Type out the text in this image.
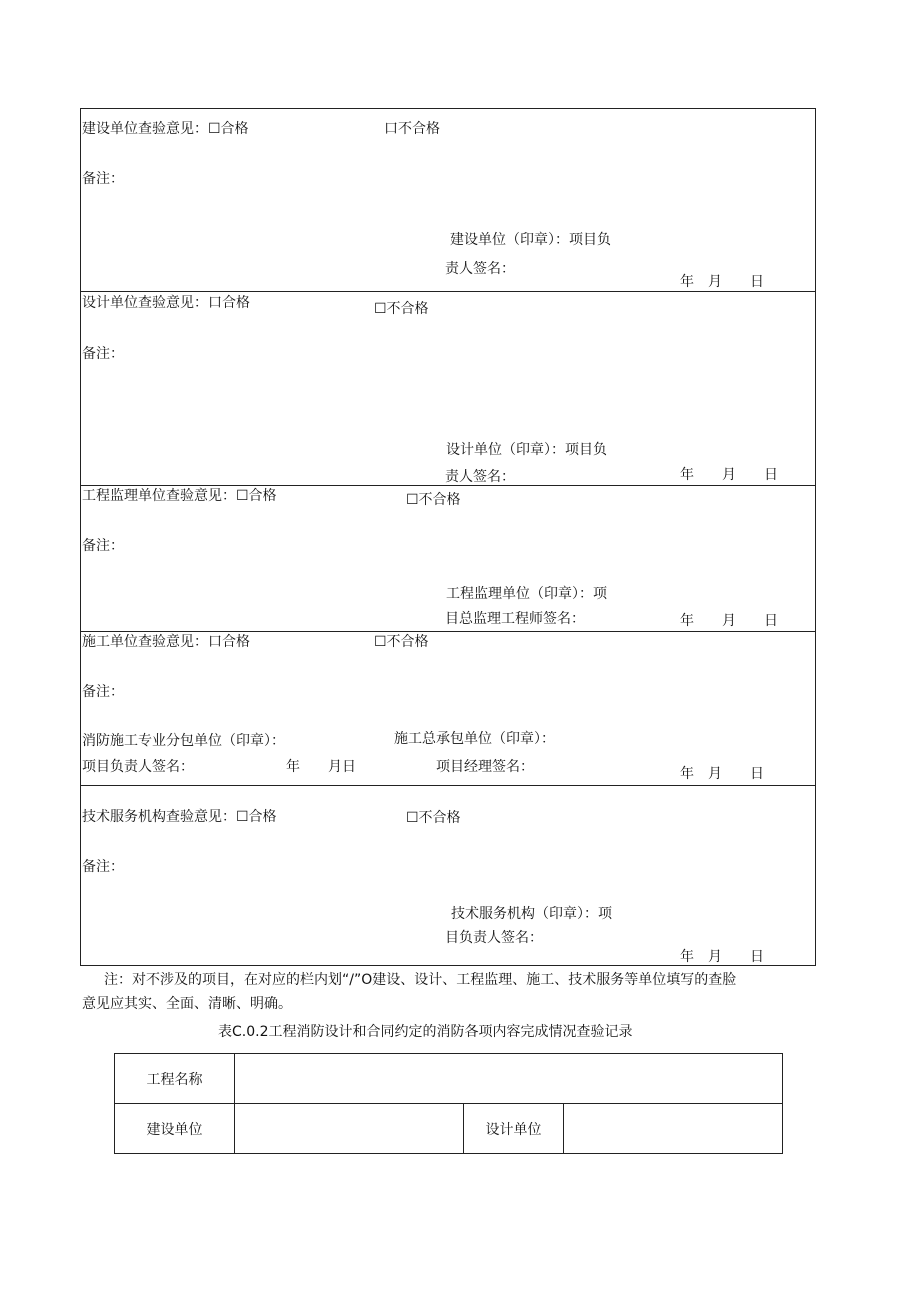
建设单位查验意见：☐合格	口不合格
备注：
建设单位（印章）：项目负
责人签名：
年　月　　日
设计单位查验意见：口合格	☐不合格
备注：
设计单位（印章）：项目负
责人签名：	年　　月　　日
工程监理单位查验意见：☐合格	☐不合格
备注：
工程监理单位（印章）：项
目总监理工程师签名：	年　　月　　日
施工单位查验意见：口合格	☐不合格
备注：
消防施工专业分包单位（印章）：
项目负责人签名：	年　　月日
施工总承包单位（印章）：
项目经理签名：	年　月　　日
技术服务机构查验意见：☐合格	☐不合格
备注：
技术服务机构（印章）：项
目负责人签名：
年　月　　日
注：对不涉及的项目，在对应的栏内划“/”O建设、设计、工程监理、施工、技术服务等单位填写的查脸
意见应其实、全面、清晰、明确。
表C.0.2工程消防设计和合同约定的消防各项内容完成情况查验记录
工程名称			
建设单位		设计单位	
